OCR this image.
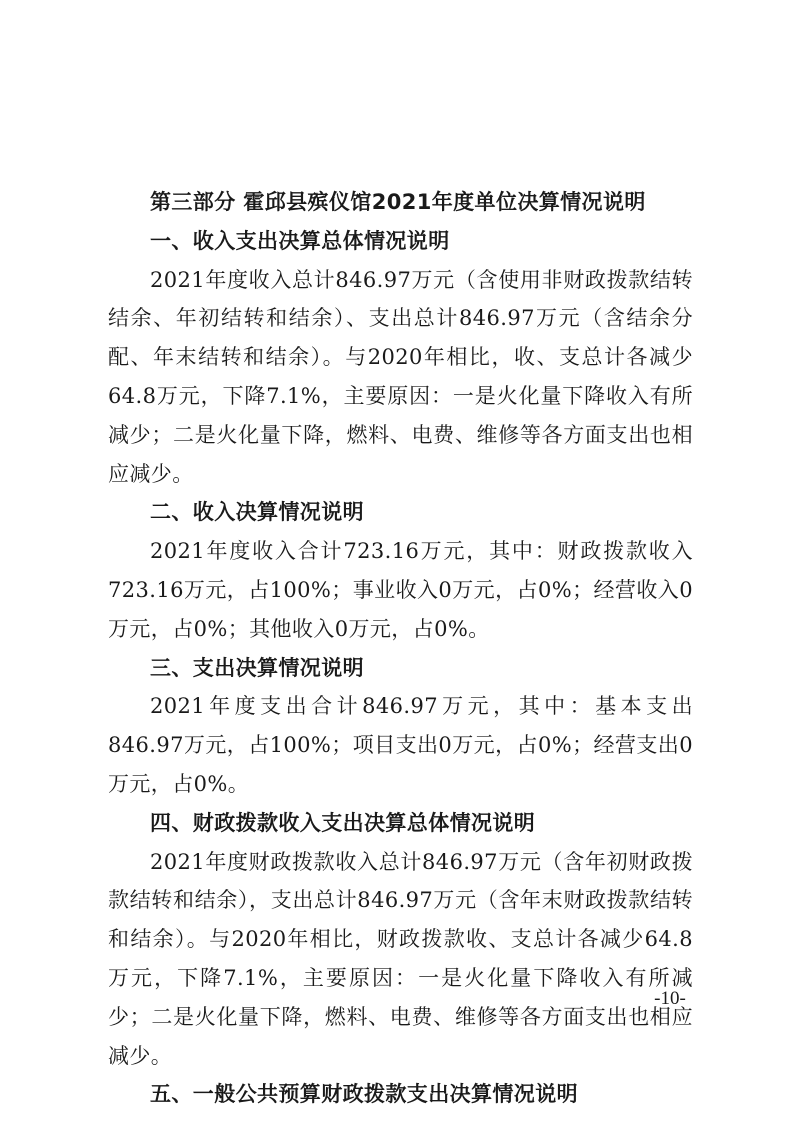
第三部分 霍邱县殡仪馆2021年度单位决算情况说明

一、收入支出决算总体情况说明

2021年度收入总计846.97万元（含使用非财政拨款结转结余、年初结转和结余）、支出总计846.97万元（含结余分配、年末结转和结余）。与2020年相比，收、支总计各减少64.8万元，下降7.1%，主要原因：一是火化量下降收入有所减少；二是火化量下降，燃料、电费、维修等各方面支出也相应减少。

二、收入决算情况说明

2021年度收入合计723.16万元，其中：财政拨款收入723.16万元，占100%；事业收入0万元，占0%；经营收入0万元，占0%；其他收入0万元，占0%。

三、支出决算情况说明

2021年度支出合计846.97万元，其中：基本支出846.97万元，占100%；项目支出0万元，占0%；经营支出0万元，占0%。

四、财政拨款收入支出决算总体情况说明

2021年度财政拨款收入总计846.97万元（含年初财政拨款结转和结余），支出总计846.97万元（含年末财政拨款结转和结余）。与2020年相比，财政拨款收、支总计各减少64.8万元，下降7.1%，主要原因：一是火化量下降收入有所减少；二是火化量下降，燃料、电费、维修等各方面支出也相应减少。

五、一般公共预算财政拨款支出决算情况说明

-10-
